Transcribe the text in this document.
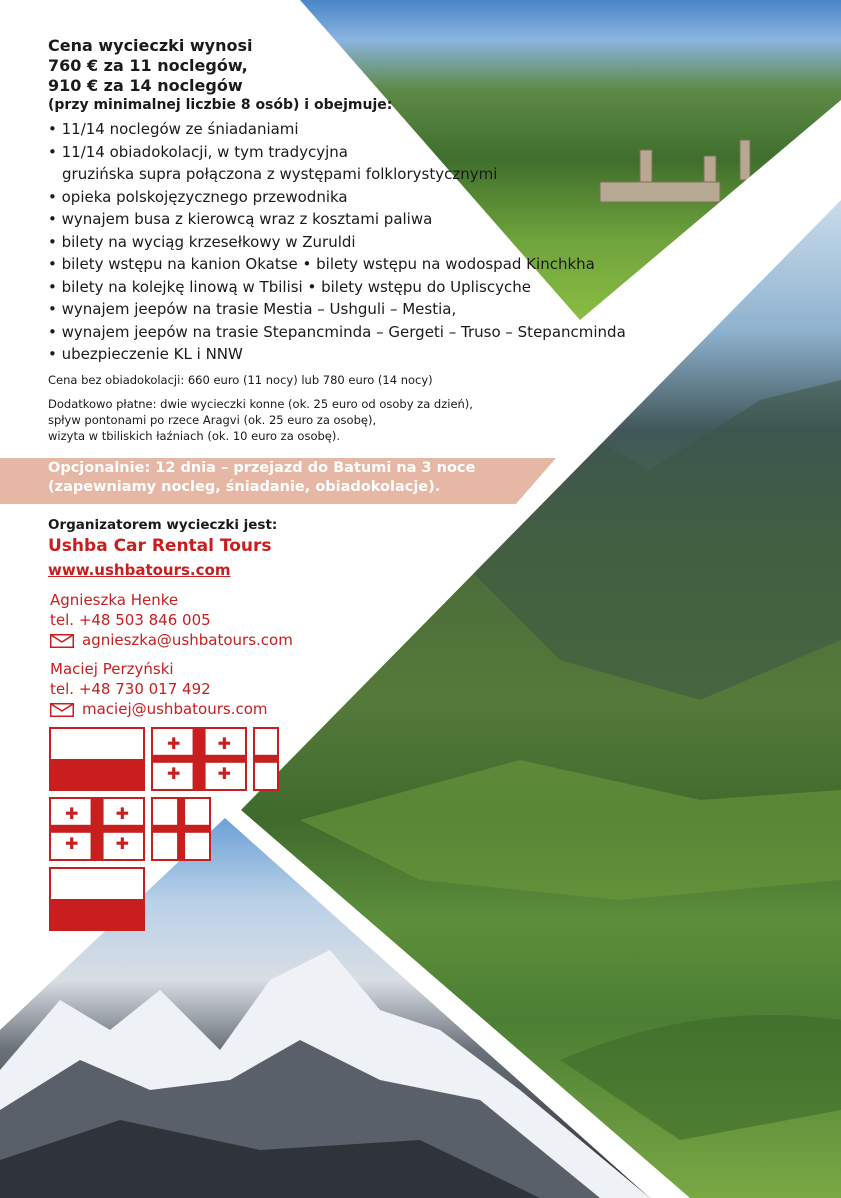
Cena wycieczki wynosi

760 € za 11 noclegów,

910 € za 14 noclegów

(przy minimalnej liczbie 8 osób) i obejmuje:

• 11/14 noclegów ze śniadaniami
• 11/14 obiadokolacji, w tym tradycyjna
gruzińska supra połączona z występami folklorystycznymi
• opieka polskojęzycznego przewodnika
• wynajem busa z kierowcą wraz z kosztami paliwa
• bilety na wyciąg krzesełkowy w Zuruldi
• bilety wstępu na kanion Okatse • bilety wstępu na wodospad Kinchkha
• bilety na kolejkę linową w Tbilisi • bilety wstępu do Upliscyche
• wynajem jeepów na trasie Mestia – Ushguli – Mestia,
• wynajem jeepów na trasie Stepancminda – Gergeti – Truso – Stepancminda
• ubezpieczenie KL i NNW

Cena bez obiadokolacji: 660 euro (11 nocy) lub 780 euro (14 nocy)

Dodatkowo płatne: dwie wycieczki konne (ok. 25 euro od osoby za dzień),

spływ pontonami po rzece Aragvi (ok. 25 euro za osobę),

wizyta w tbiliskich łaźniach (ok. 10 euro za osobę).

Opcjonalnie: 12 dnia – przejazd do Batumi na 3 noce
(zapewniamy nocleg, śniadanie, obiadokolacje).

Organizatorem wycieczki jest:

Ushba Car Rental Tours

www.ushbatours.com

Agnieszka Henke
tel. +48 503 846 005
agnieszka@ushbatours.com
Maciej Perzyński
tel. +48 730 017 492
maciej@ushbatours.com
✚ ✚
✚ ✚
✚ ✚
✚ ✚
